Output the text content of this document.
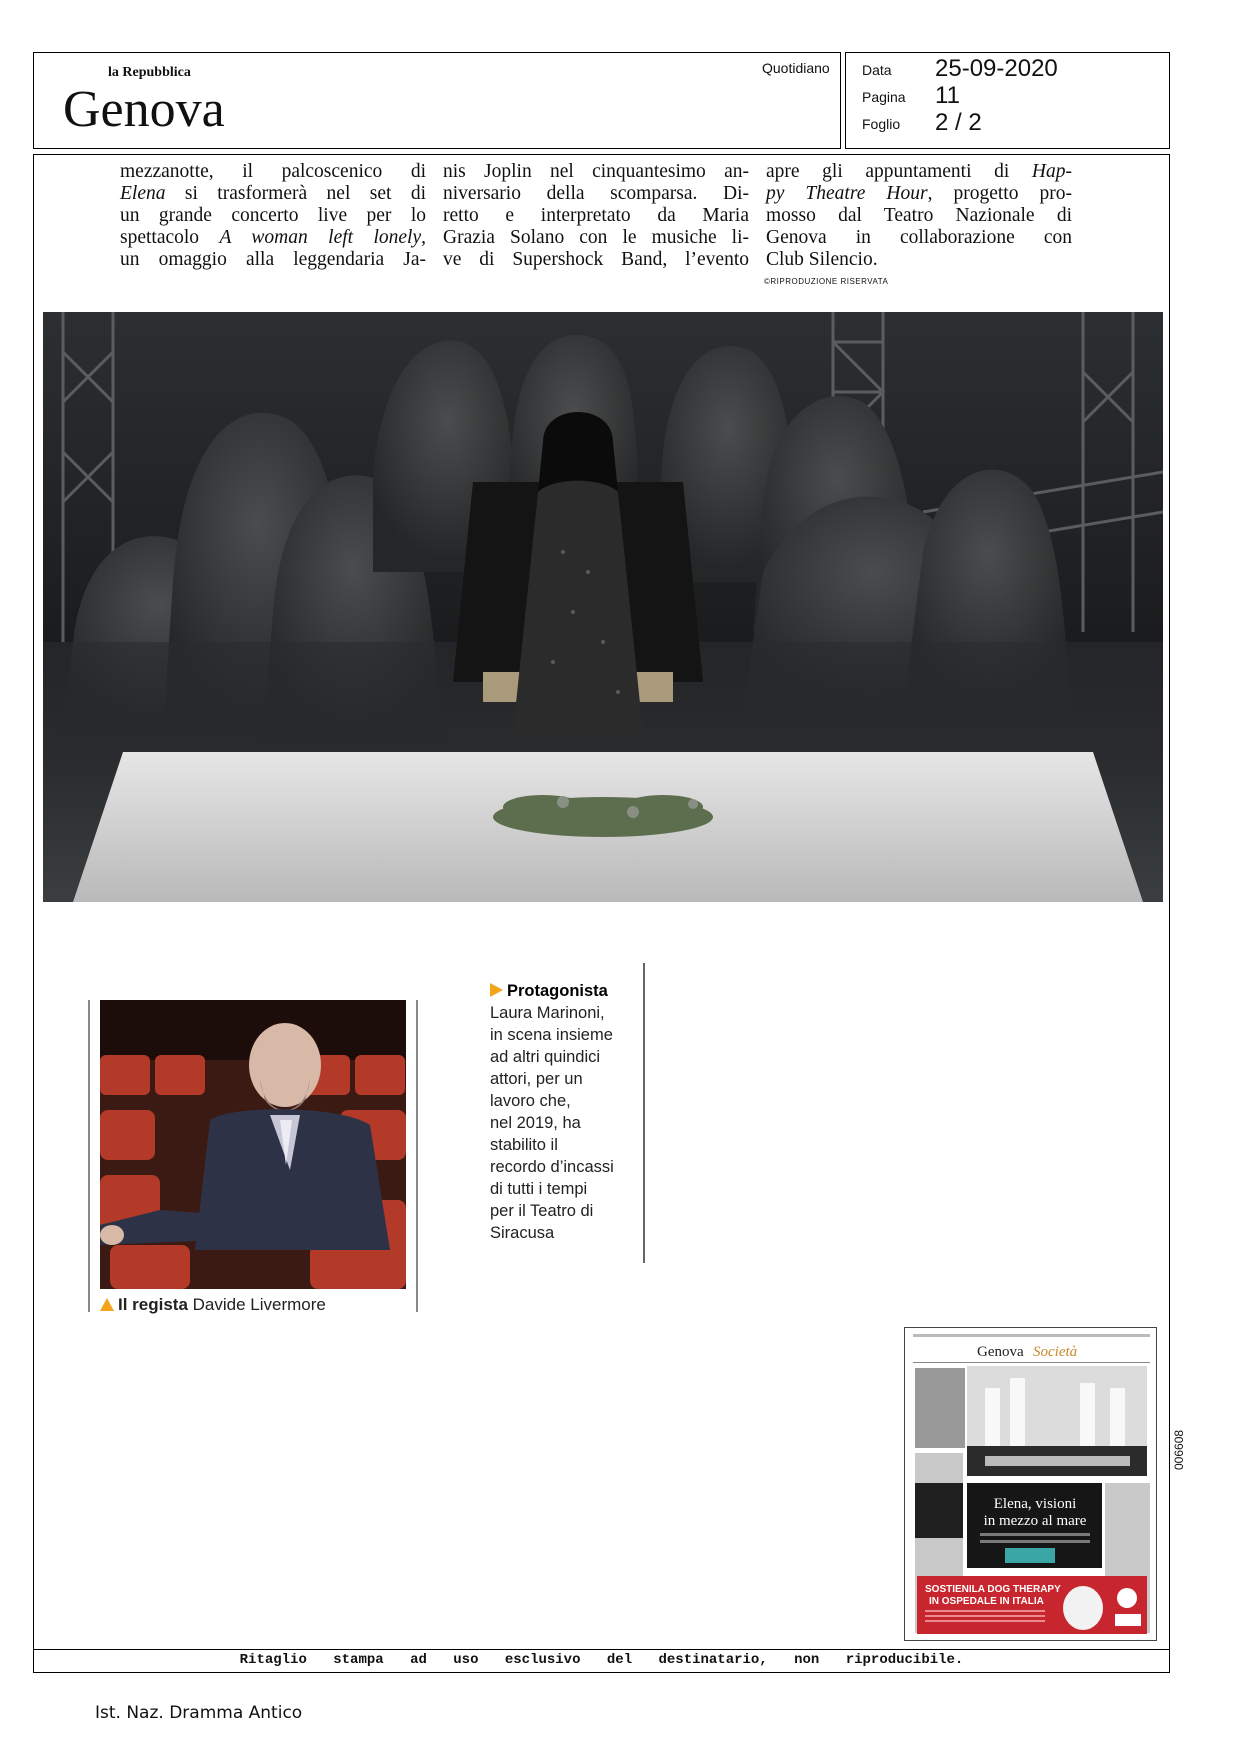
la Repubblica
Genova
Quotidiano Data 25-09-2020
Pagina 11
Foglio 2 / 2
mezzanotte, il palcoscenico di
Elena si trasformerà nel set di
un grande concerto live per lo
spettacolo A woman left lonely,
un omaggio alla leggendaria Ja-
nis Joplin nel cinquantesimo an-
niversario della scomparsa. Di-
retto e interpretato da Maria
Grazia Solano con le musiche li-
ve di Supershock Band, l’evento
apre gli appuntamenti di Hap-
py Theatre Hour, progetto pro-
mosso dal Teatro Nazionale di
Genova in collaborazione con
Club Silencio.
©RIPRODUZIONE RISERVATA
Il regista Davide Livermore
Protagonista
Laura Marinoni,
in scena insieme
ad altri quindici
attori, per un
lavoro che,
nel 2019, ha
stabilito il
recordo d’incassi
di tutti i tempi
per il Teatro di
Siracusa
Genova Società
Elena, visioni
in mezzo al mare
SOSTIENILA DOG THERAPY
IN OSPEDALE IN ITALIA
006608
Ritaglio stampa ad uso esclusivo del destinatario, non riproducibile.
Ist. Naz. Dramma Antico
